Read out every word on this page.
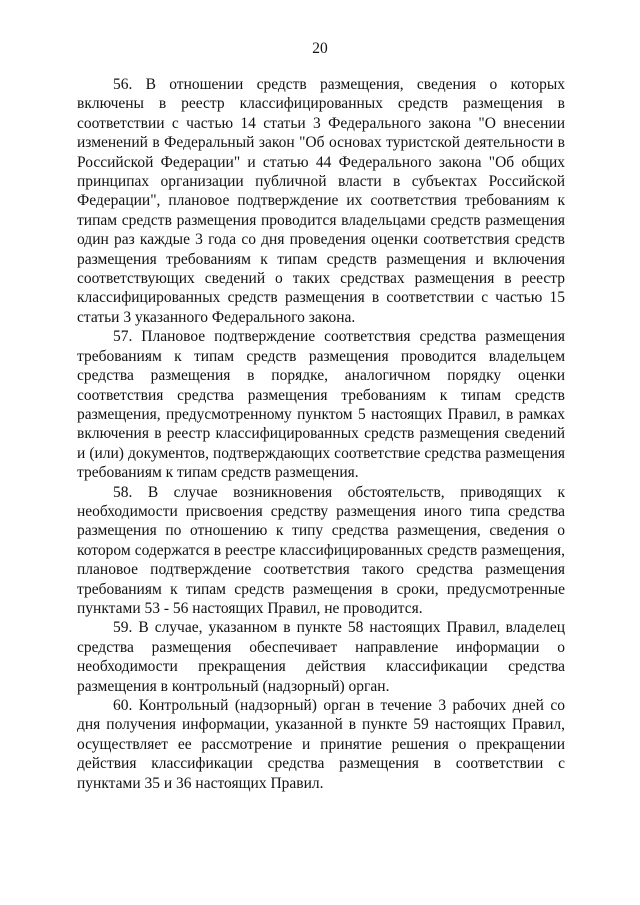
20

56. В отношении средств размещения, сведения о которых включены в реестр классифицированных средств размещения в соответствии с частью 14 статьи 3 Федерального закона "О внесении изменений в Федеральный закон "Об основах туристской деятельности в Российской Федерации" и статью 44 Федерального закона "Об общих принципах организации публичной власти в субъектах Российской Федерации", плановое подтверждение их соответствия требованиям к типам средств размещения проводится владельцами средств размещения один раз каждые 3 года со дня проведения оценки соответствия средств размещения требованиям к типам средств размещения и включения соответствующих сведений о таких средствах размещения в реестр классифицированных средств размещения в соответствии с частью 15 статьи 3 указанного Федерального закона.

57. Плановое подтверждение соответствия средства размещения требованиям к типам средств размещения проводится владельцем средства размещения в порядке, аналогичном порядку оценки соответствия средства размещения требованиям к типам средств размещения, предусмотренному пунктом 5 настоящих Правил, в рамках включения в реестр классифицированных средств размещения сведений и (или) документов, подтверждающих соответствие средства размещения требованиям к типам средств размещения.

58. В случае возникновения обстоятельств, приводящих к необходимости присвоения средству размещения иного типа средства размещения по отношению к типу средства размещения, сведения о котором содержатся в реестре классифицированных средств размещения, плановое подтверждение соответствия такого средства размещения требованиям к типам средств размещения в сроки, предусмотренные пунктами 53 - 56 настоящих Правил, не проводится.

59. В случае, указанном в пункте 58 настоящих Правил, владелец средства размещения обеспечивает направление информации о необходимости прекращения действия классификации средства размещения в контрольный (надзорный) орган.

60. Контрольный (надзорный) орган в течение 3 рабочих дней со дня получения информации, указанной в пункте 59 настоящих Правил, осуществляет ее рассмотрение и принятие решения о прекращении действия классификации средства размещения в соответствии с пунктами 35 и 36 настоящих Правил.
